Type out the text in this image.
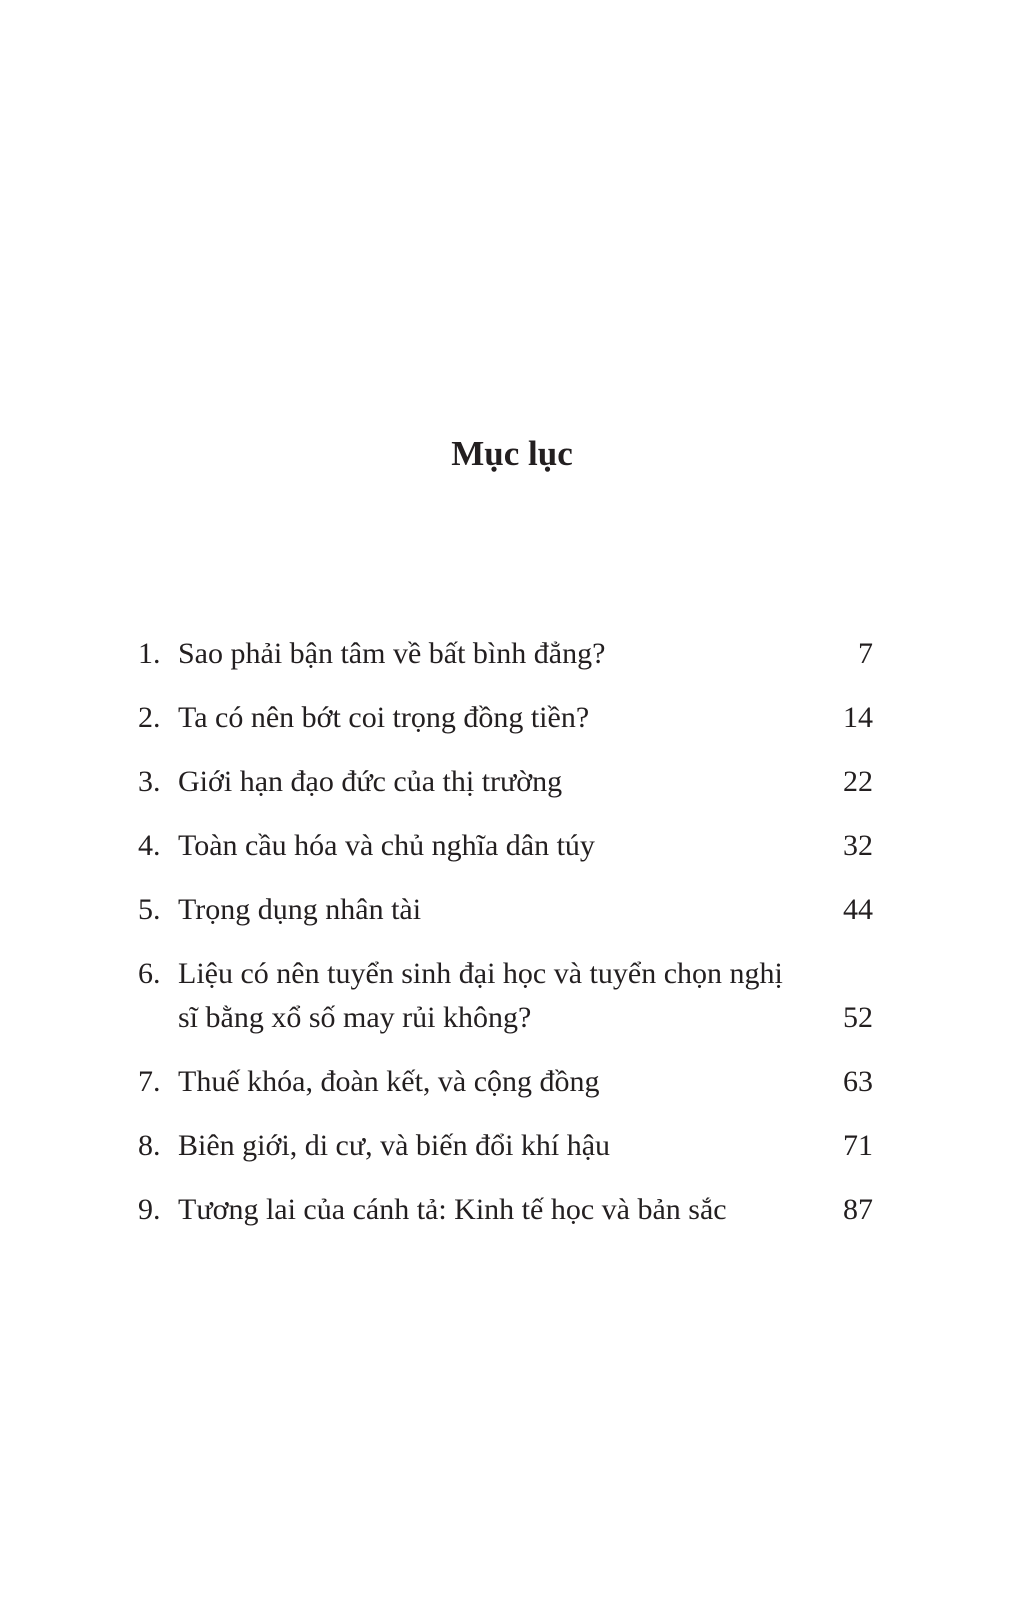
Mục lục
1. Sao phải bận tâm về bất bình đẳng?	7
2. Ta có nên bớt coi trọng đồng tiền?	14
3. Giới hạn đạo đức của thị trường	22
4. Toàn cầu hóa và chủ nghĩa dân túy	32
5. Trọng dụng nhân tài	44
6. Liệu có nên tuyển sinh đại học và tuyển chọn nghị sĩ bằng xổ số may rủi không?	52
7. Thuế khóa, đoàn kết, và cộng đồng	63
8. Biên giới, di cư, và biến đổi khí hậu	71
9. Tương lai của cánh tả: Kinh tế học và bản sắc	87
